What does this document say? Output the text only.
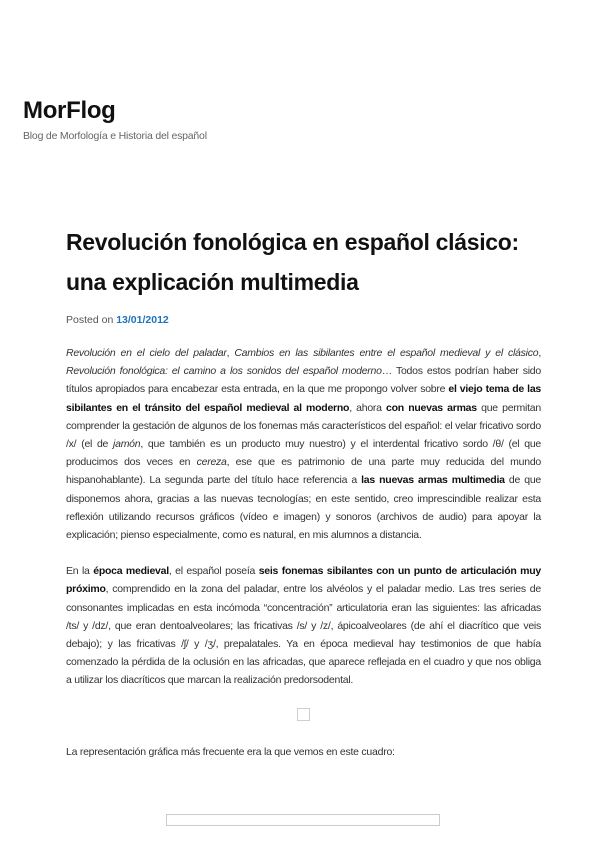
MorFlog
Blog de Morfología e Historia del español
Revolución fonológica en español clásico: una explicación multimedia
Posted on 13/01/2012

Revolución en el cielo del paladar, Cambios en las sibilantes entre el español medieval y el clásico, Revolución fonológica: el camino a los sonidos del español moderno… Todos estos podrían haber sido títulos apropiados para encabezar esta entrada, en la que me propongo volver sobre el viejo tema de las sibilantes en el tránsito del español medieval al moderno, ahora con nuevas armas que permitan comprender la gestación de algunos de los fonemas más característicos del español: el velar fricativo sordo /x/ (el de jamón, que también es un producto muy nuestro) y el interdental fricativo sordo /θ/ (el que producimos dos veces en cereza, ese que es patrimonio de una parte muy reducida del mundo hispanohablante). La segunda parte del título hace referencia a las nuevas armas multimedia de que disponemos ahora, gracias a las nuevas tecnologías; en este sentido, creo imprescindible realizar esta reflexión utilizando recursos gráficos (vídeo e imagen) y sonoros (archivos de audio) para apoyar la explicación; pienso especialmente, como es natural, en mis alumnos a distancia.

En la época medieval, el español poseía seis fonemas sibilantes con un punto de articulación muy próximo, comprendido en la zona del paladar, entre los alvéolos y el paladar medio. Las tres series de consonantes implicadas en esta incómoda “concentración” articulatoria eran las siguientes: las africadas /ts/ y /dz/, que eran dentoalveolares; las fricativas /s/ y /z/, ápicoalveolares (de ahí el diacrítico que veis debajo); y las fricativas /ʃ/ y /ʒ/, prepalatales. Ya en época medieval hay testimonios de que había comenzado la pérdida de la oclusión en las africadas, que aparece reflejada en el cuadro y que nos obliga a utilizar los diacríticos que marcan la realización predorsodental.

La representación gráfica más frecuente era la que vemos en este cuadro:
